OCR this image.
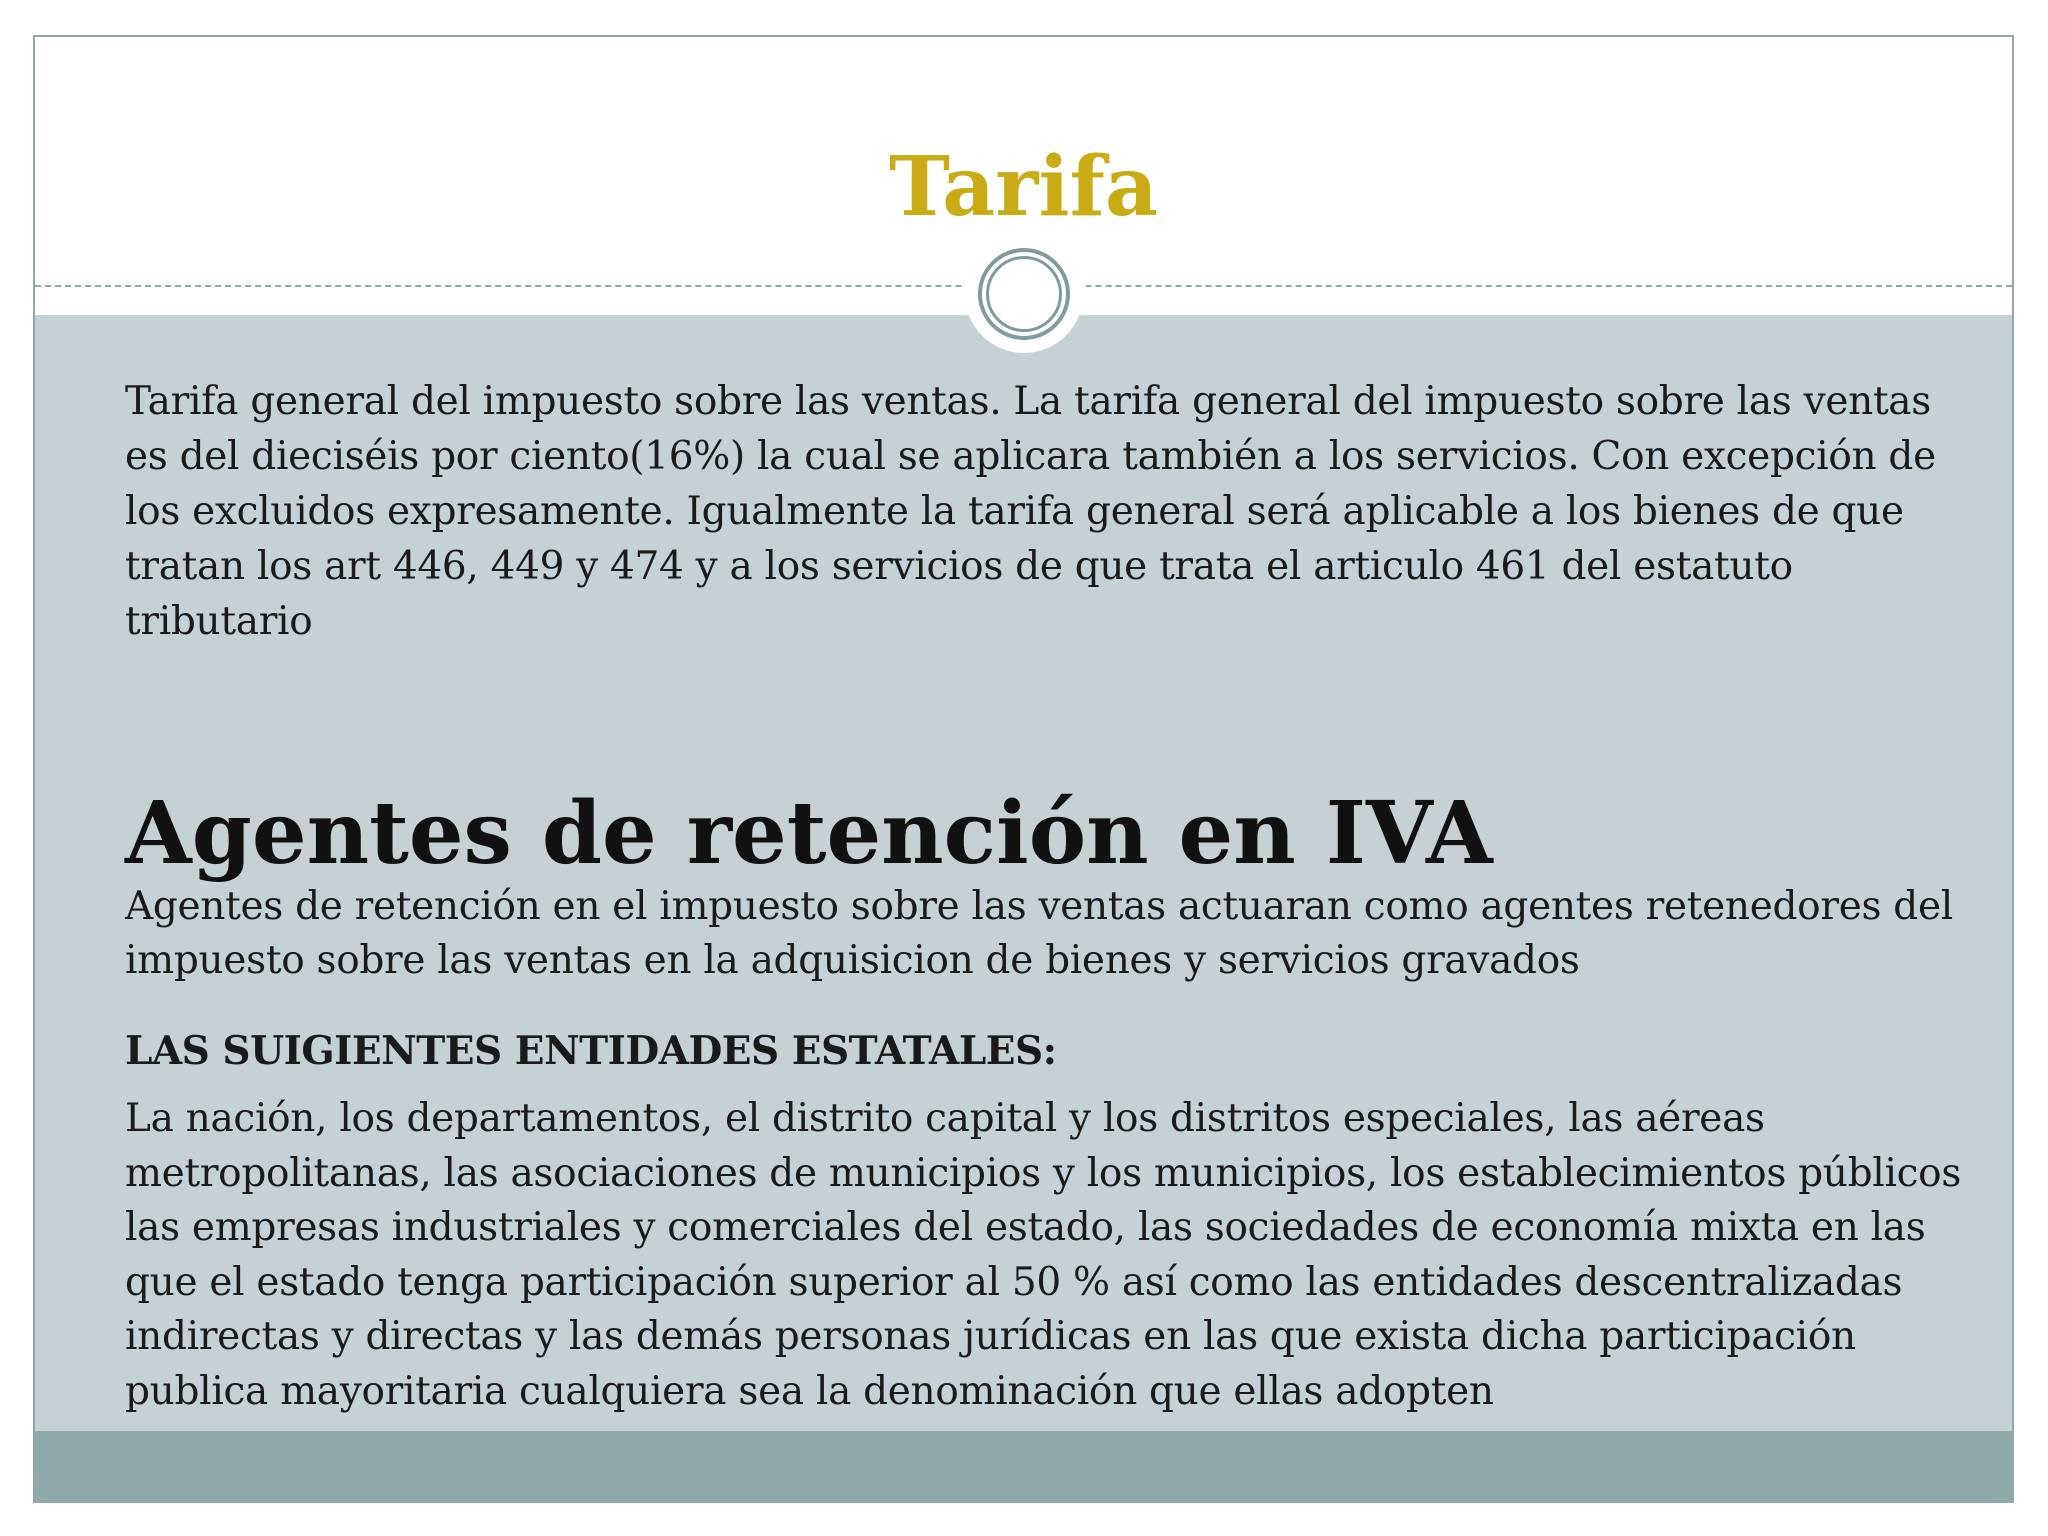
Tarifa

Tarifa general del impuesto sobre las ventas. La tarifa general del impuesto sobre las ventas es del dieciséis por ciento(16%) la cual se aplicara también a los servicios. Con excepción de los excluidos expresamente. Igualmente la tarifa general será aplicable a los bienes de que tratan los art 446, 449 y 474 y a los servicios de que trata el articulo 461 del estatuto tributario

Agentes de retención en IVA

Agentes de retención en el impuesto sobre las ventas actuaran como agentes retenedores del impuesto sobre las ventas en la adquisicion de bienes y servicios gravados

LAS SUIGIENTES ENTIDADES ESTATALES:

La nación, los departamentos, el distrito capital y los distritos especiales, las aéreas metropolitanas, las asociaciones de municipios y los municipios, los establecimientos públicos las empresas industriales y comerciales del estado, las sociedades de economía mixta en las que el estado tenga participación superior al 50 % así como las entidades descentralizadas indirectas y directas y las demás personas jurídicas en las que exista dicha participación publica mayoritaria cualquiera sea la denominación que ellas adopten
